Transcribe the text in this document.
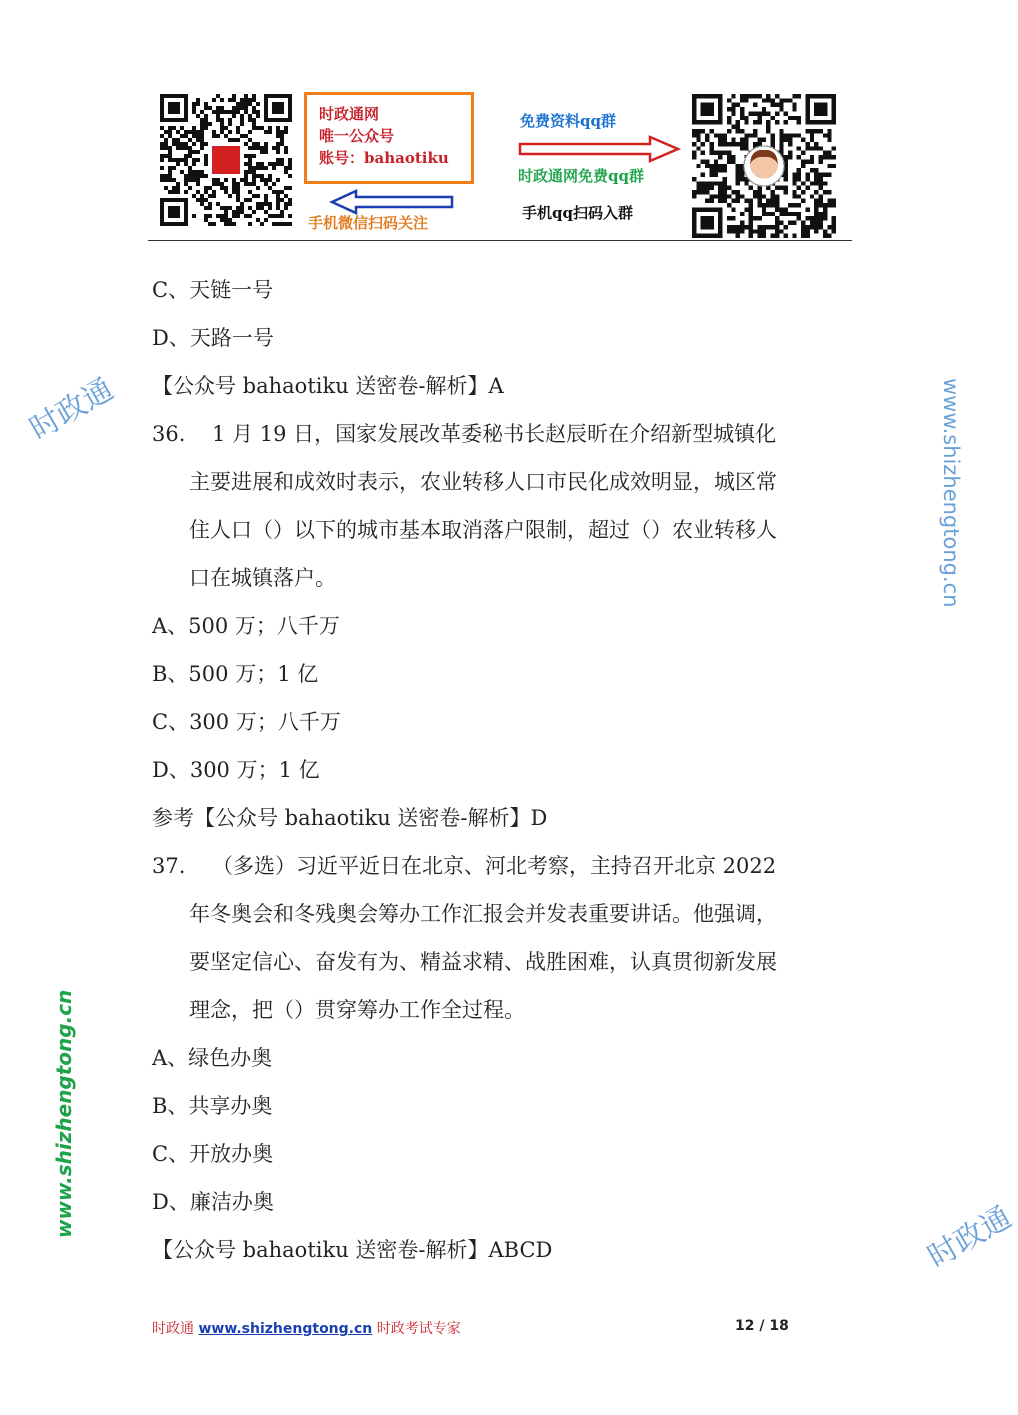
时政通网
唯一公众号
账号：bahaotiku
手机微信扫码关注
免费资料qq群
时政通网免费qq群
手机qq扫码入群
时政通
时政通
www.shizhengtong.cn
www.shizhengtong.cn
C、天链一号
D、天路一号
【公众号 bahaotiku 送密卷-解析】A
36. 1 月 19 日，国家发展改革委秘书长赵辰昕在介绍新型城镇化
主要进展和成效时表示，农业转移人口市民化成效明显，城区常
住人口（）以下的城市基本取消落户限制，超过（）农业转移人
口在城镇落户。
A、500 万；八千万
B、500 万；1 亿
C、300 万；八千万
D、300 万；1 亿
参考【公众号 bahaotiku 送密卷-解析】D
37. （多选）习近平近日在北京、河北考察，主持召开北京 2022
年冬奥会和冬残奥会筹办工作汇报会并发表重要讲话。他强调，
要坚定信心、奋发有为、精益求精、战胜困难，认真贯彻新发展
理念，把（）贯穿筹办工作全过程。
A、绿色办奥
B、共享办奥
C、开放办奥
D、廉洁办奥
【公众号 bahaotiku 送密卷-解析】ABCD
时政通 www.shizhengtong.cn 时政考试专家	12 / 18
